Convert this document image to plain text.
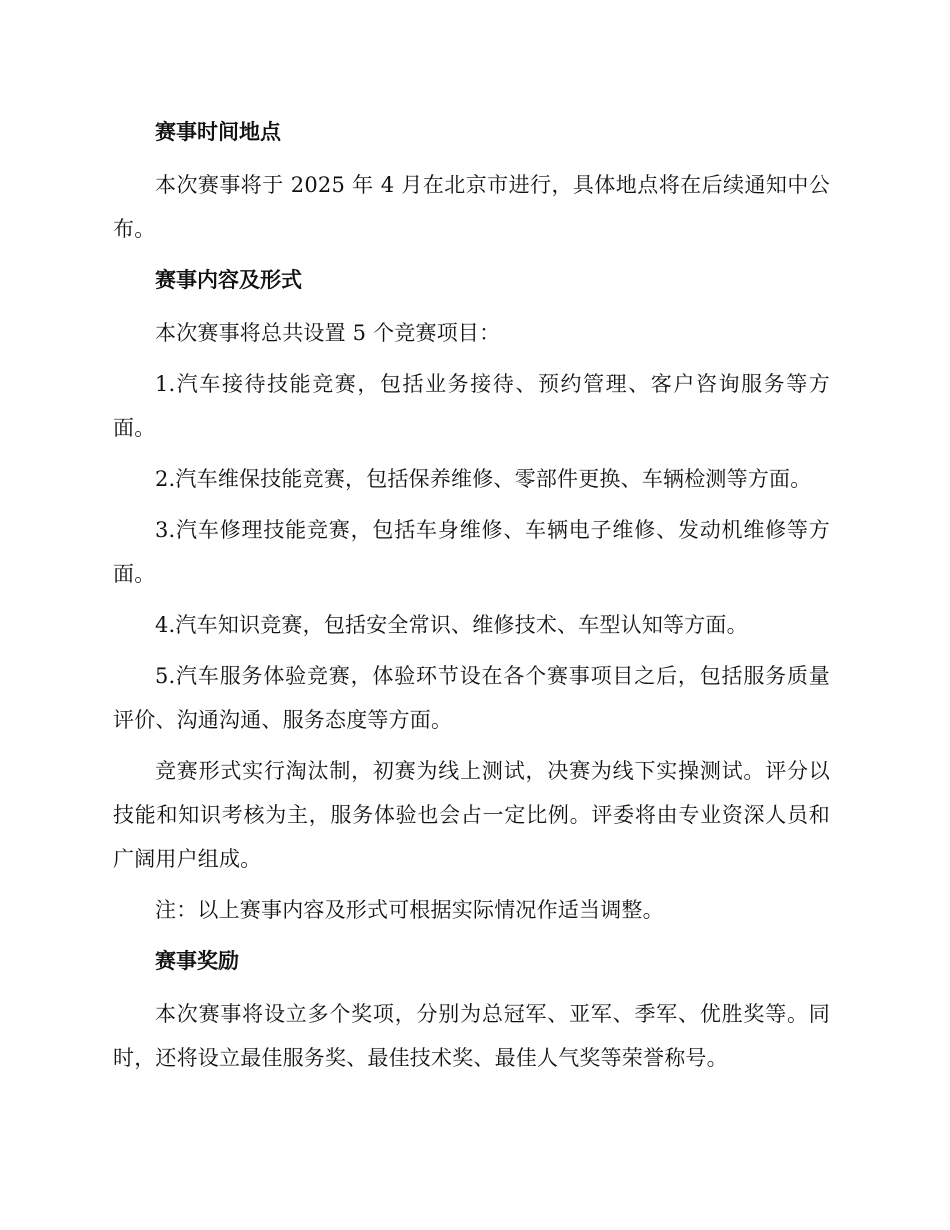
赛事时间地点

本次赛事将于 2025 年 4 月在北京市进行，具体地点将在后续通知中公布。

赛事内容及形式

本次赛事将总共设置 5 个竞赛项目：

1.汽车接待技能竞赛，包括业务接待、预约管理、客户咨询服务等方面。

2.汽车维保技能竞赛，包括保养维修、零部件更换、车辆检测等方面。

3.汽车修理技能竞赛，包括车身维修、车辆电子维修、发动机维修等方面。

4.汽车知识竞赛，包括安全常识、维修技术、车型认知等方面。

5.汽车服务体验竞赛，体验环节设在各个赛事项目之后，包括服务质量评价、沟通沟通、服务态度等方面。

竞赛形式实行淘汰制，初赛为线上测试，决赛为线下实操测试。评分以技能和知识考核为主，服务体验也会占一定比例。评委将由专业资深人员和广阔用户组成。

注：以上赛事内容及形式可根据实际情况作适当调整。

赛事奖励

本次赛事将设立多个奖项，分别为总冠军、亚军、季军、优胜奖等。同时，还将设立最佳服务奖、最佳技术奖、最佳人气奖等荣誉称号。
